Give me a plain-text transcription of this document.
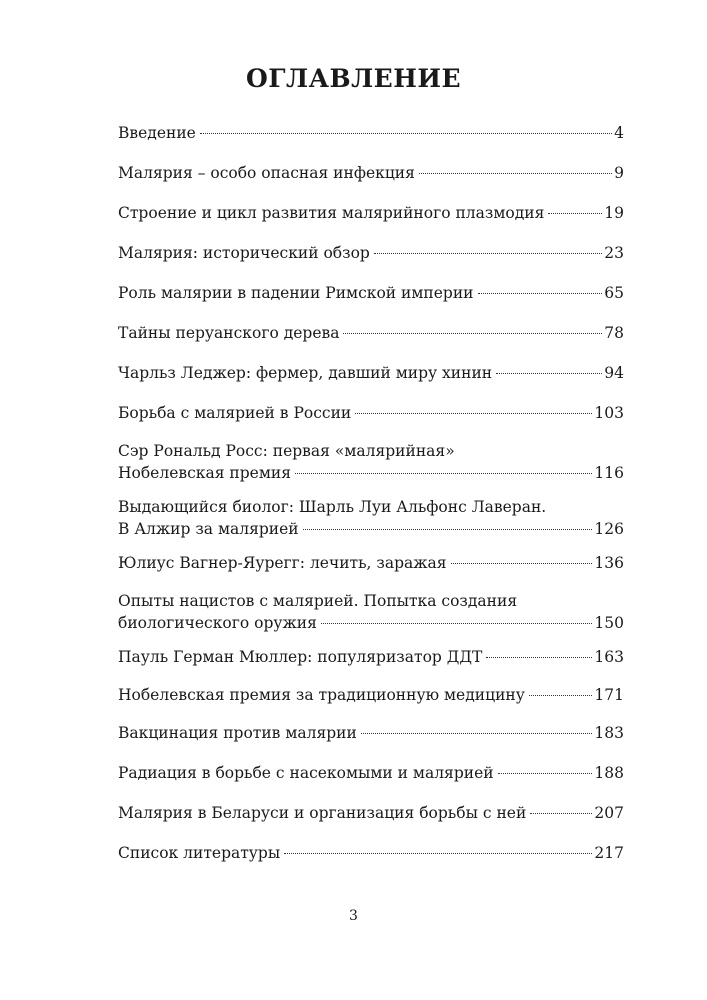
ОГЛАВЛЕНИЕ
Введение	4
Малярия – особо опасная инфекция	9
Строение и цикл развития малярийного плазмодия	19
Малярия: исторический обзор	23
Роль малярии в падении Римской империи	65
Тайны перуанского дерева	78
Чарльз Леджер: фермер, давший миру хинин	94
Борьба с малярией в России	103
Сэр Рональд Росс: первая «малярийная»
Нобелевская премия	116
Выдающийся биолог: Шарль Луи Альфонс Лаверан.
В Алжир за малярией	126
Юлиус Вагнер-Яурегг: лечить, заражая	136
Опыты нацистов с малярией. Попытка создания
биологического оружия	150
Пауль Герман Мюллер: популяризатор ДДТ	163
Нобелевская премия за традиционную медицину	171
Вакцинация против малярии	183
Радиация в борьбе с насекомыми и малярией	188
Малярия в Беларуси и организация борьбы с ней	207
Список литературы	217
3
